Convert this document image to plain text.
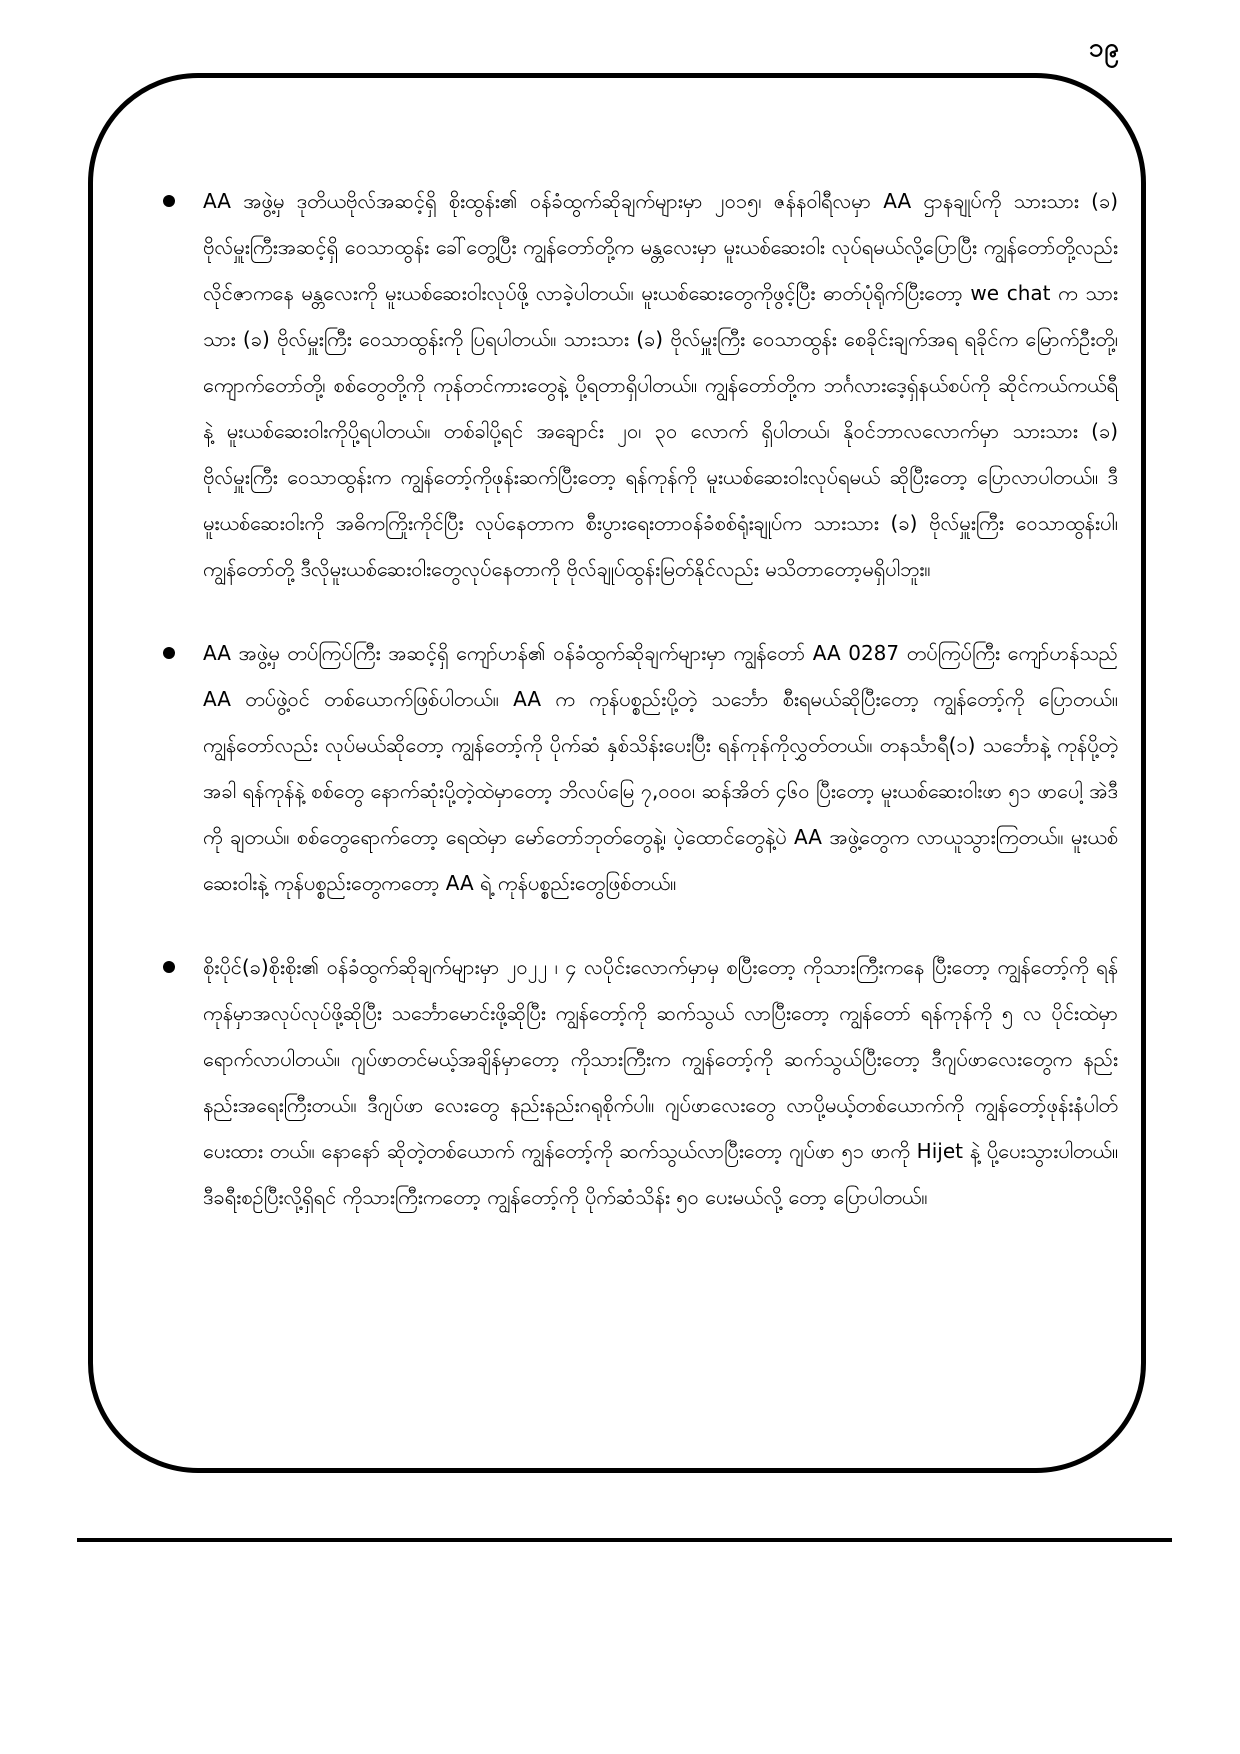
၁၉

AA အဖွဲ့မှ ဒုတိယဗိုလ်အဆင့်ရှိ စိုးထွန်း၏ ဝန်ခံထွက်ဆိုချက်များမှာ ၂၀၁၅၊ ဇန်နဝါရီလမှာ AA ဌာနချုပ်ကို သားသား (ခ) ဗိုလ်မှူးကြီးအဆင့်ရှိ ဝေသာထွန်း ခေါ်တွေ့ပြီး ကျွန်တော်တို့က မန္တလေးမှာ မူးယစ်ဆေးဝါး လုပ်ရမယ်လို့ပြောပြီး ကျွန်တော်တို့လည်း လိုင်ဇာကနေ မန္တလေးကို မူးယစ်ဆေးဝါးလုပ်ဖို့ လာခဲ့ပါတယ်။ မူးယစ်ဆေးတွေကိုဖွင့်ပြီး ဓာတ်ပုံရိုက်ပြီးတော့ we chat က သားသား (ခ) ဗိုလ်မှူးကြီး ဝေသာထွန်းကို ပြရပါတယ်။ သားသား (ခ) ဗိုလ်မှူးကြီး ဝေသာထွန်း စေခိုင်းချက်အရ ရခိုင်က မြောက်ဦးတို့၊ ကျောက်တော်တို့၊ စစ်တွေတို့ကို ကုန်တင်ကားတွေနဲ့ ပို့ရတာရှိပါတယ်။ ကျွန်တော်တို့က ဘင်္ဂလားဒေ့ရှ်နယ်စပ်ကို ဆိုင်ကယ်ကယ်ရီနဲ့ မူးယစ်ဆေးဝါးကိုပို့ရပါတယ်။ တစ်ခါပို့ရင် အချောင်း ၂၀၊ ၃၀ လောက် ရှိပါတယ်၊ နိုဝင်ဘာလလောက်မှာ သားသား (ခ) ဗိုလ်မှူးကြီး ဝေသာထွန်းက ကျွန်တော့်ကိုဖုန်းဆက်ပြီးတော့ ရန်ကုန်ကို မူးယစ်ဆေးဝါးလုပ်ရမယ် ဆိုပြီးတော့ ပြောလာပါတယ်။ ဒီမူးယစ်ဆေးဝါးကို အဓိကကြိုးကိုင်ပြီး လုပ်နေတာက စီးပွားရေးတာဝန်ခံစစ်ရုံးချုပ်က သားသား (ခ) ဗိုလ်မှူးကြီး ဝေသာထွန်းပါ၊ ကျွန်တော်တို့ ဒီလိုမူးယစ်ဆေးဝါးတွေလုပ်နေတာကို ဗိုလ်ချုပ်ထွန်းမြတ်နိုင်လည်း မသိတာတော့မရှိပါဘူး။

AA အဖွဲ့မှ တပ်ကြပ်ကြီး အဆင့်ရှိ ကျော်ဟန်၏ ဝန်ခံထွက်ဆိုချက်များမှာ ကျွန်တော် AA 0287 တပ်ကြပ်ကြီး ကျော်ဟန်သည် AA တပ်ဖွဲ့ဝင် တစ်ယောက်ဖြစ်ပါတယ်။ AA က ကုန်ပစ္စည်းပို့တဲ့ သင်္ဘော စီးရမယ်ဆိုပြီးတော့ ကျွန်တော့်ကို ပြောတယ်။ ကျွန်တော်လည်း လုပ်မယ်ဆိုတော့ ကျွန်တော့်ကို ပိုက်ဆံ နှစ်သိန်းပေးပြီး ရန်ကုန်ကိုလွှတ်တယ်။ တနင်္သာရီ(၁) သင်္ဘောနဲ့ ကုန်ပို့တဲ့အခါ ရန်ကုန်နဲ့ စစ်တွေ နောက်ဆုံးပို့တဲ့ထဲမှာတော့ ဘိလပ်မြေ ၇,၀၀၀၊ ဆန်အိတ် ၄၆၀ ပြီးတော့ မူးယစ်ဆေးဝါးဖာ ၅၁ ဖာပေါ့ အဲဒီကို ချတယ်။ စစ်တွေရောက်တော့ ရေထဲမှာ မော်တော်ဘုတ်တွေနဲ့၊ ပဲ့ထောင်တွေနဲ့ပဲ AA အဖွဲ့တွေက လာယူသွားကြတယ်။ မူးယစ်ဆေးဝါးနဲ့ ကုန်ပစ္စည်းတွေကတော့ AA ရဲ့ ကုန်ပစ္စည်းတွေဖြစ်တယ်။

စိုးပိုင်(ခ)စိုးစိုး၏ ဝန်ခံထွက်ဆိုချက်များမှာ ၂၀၂၂ ၊ ၄ လပိုင်းလောက်မှာမှ စပြီးတော့ ကိုသားကြီးကနေ ပြီးတော့ ကျွန်တော့်ကို ရန်ကုန်မှာအလုပ်လုပ်ဖို့ဆိုပြီး သင်္ဘောမောင်းဖို့ဆိုပြီး ကျွန်တော့်ကို ဆက်သွယ် လာပြီးတော့ ကျွန်တော် ရန်ကုန်ကို ၅ လ ပိုင်းထဲမှာရောက်လာပါတယ်။ ဂျပ်ဖာတင်မယ့်အချိန်မှာတော့ ကိုသားကြီးက ကျွန်တော့်ကို ဆက်သွယ်ပြီးတော့ ဒီဂျပ်ဖာလေးတွေက နည်းနည်းအရေးကြီးတယ်။ ဒီဂျပ်ဖာ လေးတွေ နည်းနည်းဂရုစိုက်ပါ။ ဂျပ်ဖာလေးတွေ လာပို့မယ့်တစ်ယောက်ကို ကျွန်တော့်ဖုန်းနံပါတ် ပေးထား တယ်။ နောနော် ဆိုတဲ့တစ်ယောက် ကျွန်တော့်ကို ဆက်သွယ်လာပြီးတော့ ဂျပ်ဖာ ၅၁ ဖာကို Hijet နဲ့ ပို့ပေးသွားပါတယ်။ ဒီခရီးစဉ်ပြီးလို့ရှိရင် ကိုသားကြီးကတော့ ကျွန်တော့်ကို ပိုက်ဆံသိန်း ၅၀ ပေးမယ်လို့ တော့ ပြောပါတယ်။
